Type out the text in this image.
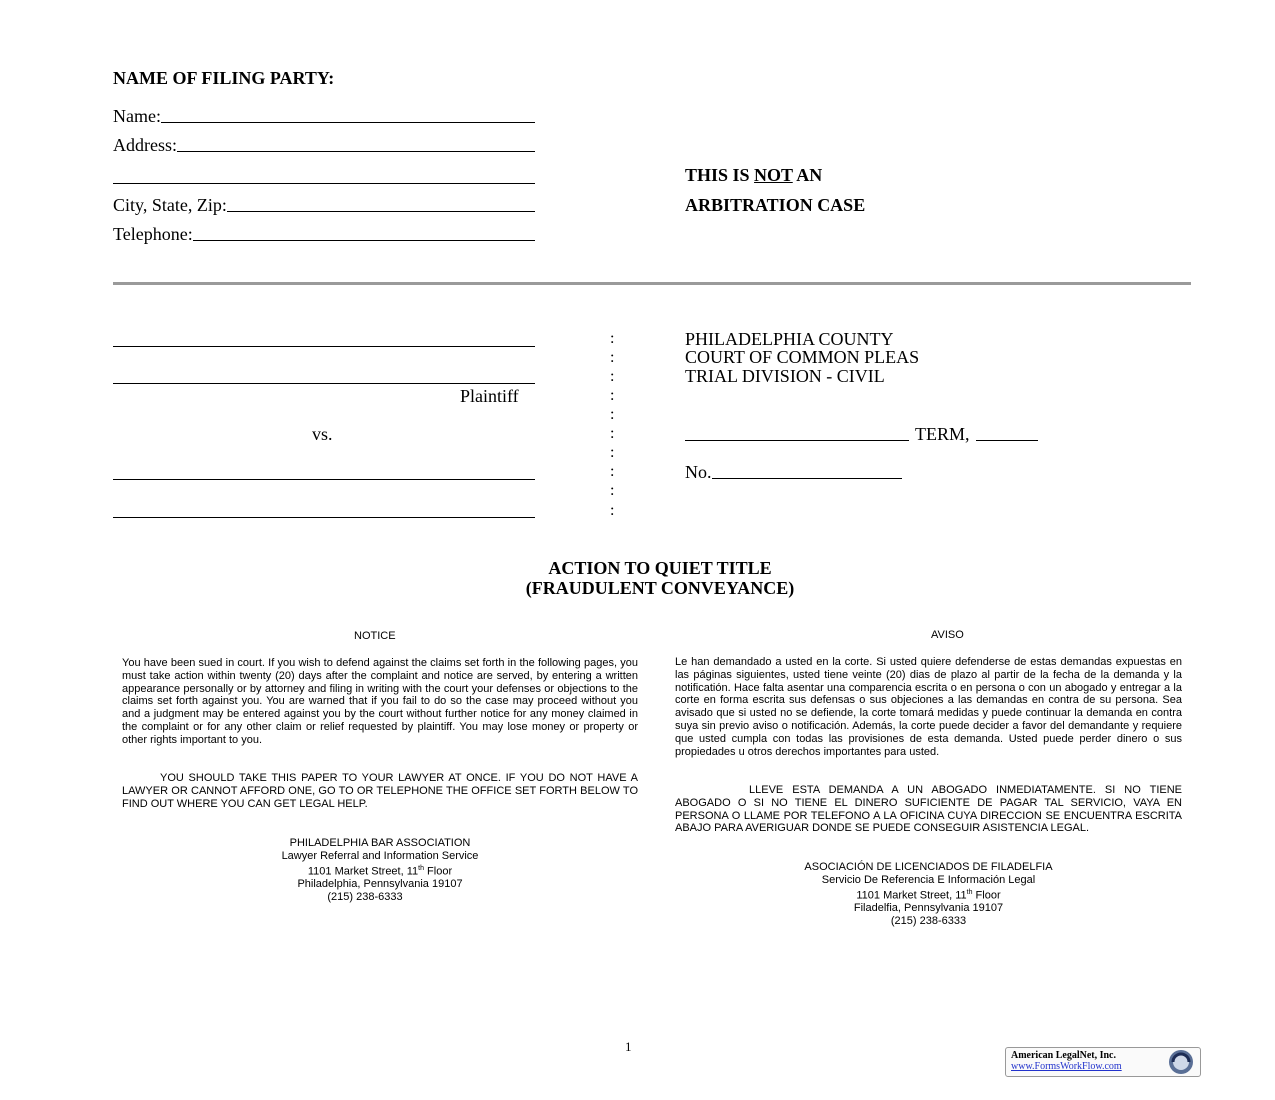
NAME OF FILING PARTY:
Name:
Address:
City, State, Zip:
Telephone:
THIS IS NOT AN
ARBITRATION CASE
Plaintiff
vs.
:
:
:
:
:
:
:
:
:
:
PHILADELPHIA COUNTY
COURT OF COMMON PLEAS
TRIAL DIVISION - CIVIL
TERM,
No.
ACTION TO QUIET TITLE
(FRAUDULENT CONVEYANCE)
NOTICE	AVISO
You have been sued in court. If you wish to defend against the claims set forth in the following pages, you must take action within twenty (20) days after the complaint and notice are served, by entering a written appearance personally or by attorney and filing in writing with the court your defenses or objections to the claims set forth against you. You are warned that if you fail to do so the case may proceed without you and a judgment may be entered against you by the court without further notice for any money claimed in the complaint or for any other claim or relief requested by plaintiff. You may lose money or property or other rights important to you.
YOU SHOULD TAKE THIS PAPER TO YOUR LAWYER AT ONCE. IF YOU DO NOT HAVE A LAWYER OR CANNOT AFFORD ONE, GO TO OR TELEPHONE THE OFFICE SET FORTH BELOW TO FIND OUT WHERE YOU CAN GET LEGAL HELP.
PHILADELPHIA BAR ASSOCIATION
Lawyer Referral and Information Service
1101 Market Street, 11th Floor
Philadelphia, Pennsylvania 19107
(215) 238-6333
Le han demandado a usted en la corte. Si usted quiere defenderse de estas demandas expuestas en las páginas siguientes, usted tiene veinte (20) dias de plazo al partir de la fecha de la demanda y la notificatión. Hace falta asentar una comparencia escrita o en persona o con un abogado y entregar a la corte en forma escrita sus defensas o sus objeciones a las demandas en contra de su persona. Sea avisado que si usted no se defiende, la corte tomará medidas y puede continuar la demanda en contra suya sin previo aviso o notificación. Además, la corte puede decider a favor del demandante y requiere que usted cumpla con todas las provisiones de esta demanda. Usted puede perder dinero o sus propiedades u otros derechos importantes para usted.
LLEVE ESTA DEMANDA A UN ABOGADO INMEDIATAMENTE. SI NO TIENE ABOGADO O SI NO TIENE EL DINERO SUFICIENTE DE PAGAR TAL SERVICIO, VAYA EN PERSONA O LLAME POR TELEFONO A LA OFICINA CUYA DIRECCION SE ENCUENTRA ESCRITA ABAJO PARA AVERIGUAR DONDE SE PUEDE CONSEGUIR ASISTENCIA LEGAL.
ASOCIACIÓN DE LICENCIADOS DE FILADELFIA
Servicio De Referencia E Información Legal
1101 Market Street, 11th Floor
Filadelfia, Pennsylvania 19107
(215) 238-6333
1
American LegalNet, Inc.
www.FormsWorkFlow.com
